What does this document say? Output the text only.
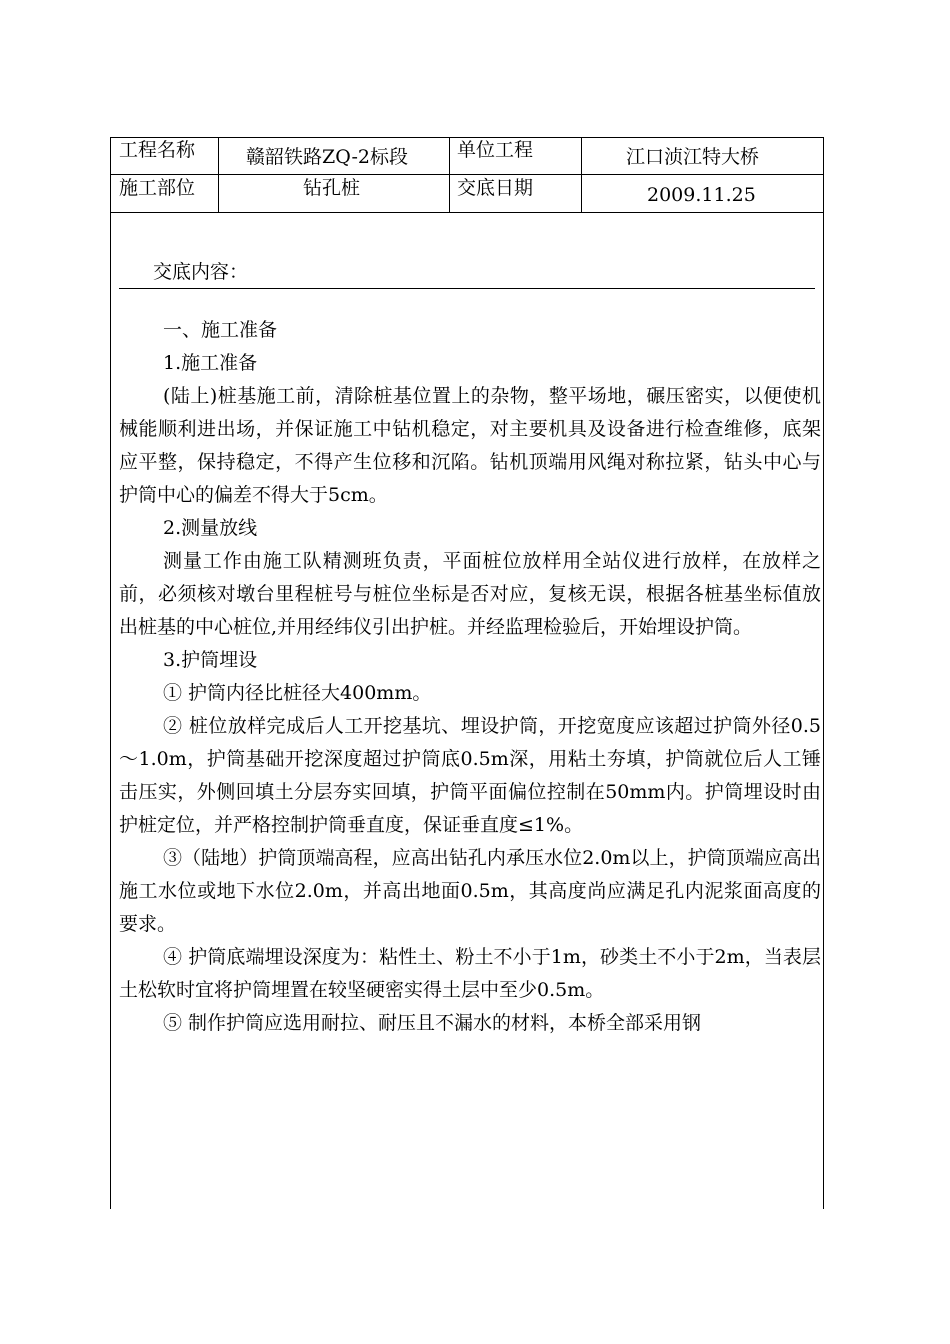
工程名称	赣韶铁路ZQ-2标段	单位工程	江口浈江特大桥
施工部位	钻孔桩	交底日期	2009.11.25
交底内容：

一、施工准备

1.施工准备

(陆上)桩基施工前，清除桩基位置上的杂物，整平场地，碾压密实，以便使机械能顺利进出场，并保证施工中钻机稳定，对主要机具及设备进行检查维修，底架应平整，保持稳定，不得产生位移和沉陷。钻机顶端用风绳对称拉紧，钻头中心与护筒中心的偏差不得大于5cm。

2.测量放线

测量工作由施工队精测班负责，平面桩位放样用全站仪进行放样，在放样之前，必须核对墩台里程桩号与桩位坐标是否对应，复核无误，根据各桩基坐标值放出桩基的中心桩位,并用经纬仪引出护桩。并经监理检验后，开始埋设护筒。

3.护筒埋设

① 护筒内径比桩径大400mm。

② 桩位放样完成后人工开挖基坑、埋设护筒，开挖宽度应该超过护筒外径0.5～1.0m，护筒基础开挖深度超过护筒底0.5m深，用粘土夯填，护筒就位后人工锤击压实，外侧回填土分层夯实回填，护筒平面偏位控制在50mm内。护筒埋设时由护桩定位，并严格控制护筒垂直度，保证垂直度≤1%。

③（陆地）护筒顶端高程，应高出钻孔内承压水位2.0m以上，护筒顶端应高出施工水位或地下水位2.0m，并高出地面0.5m，其高度尚应满足孔内泥浆面高度的要求。

④ 护筒底端埋设深度为：粘性土、粉土不小于1m，砂类土不小于2m，当表层土松软时宜将护筒埋置在较坚硬密实得土层中至少0.5m。

⑤ 制作护筒应选用耐拉、耐压且不漏水的材料，本桥全部采用钢
